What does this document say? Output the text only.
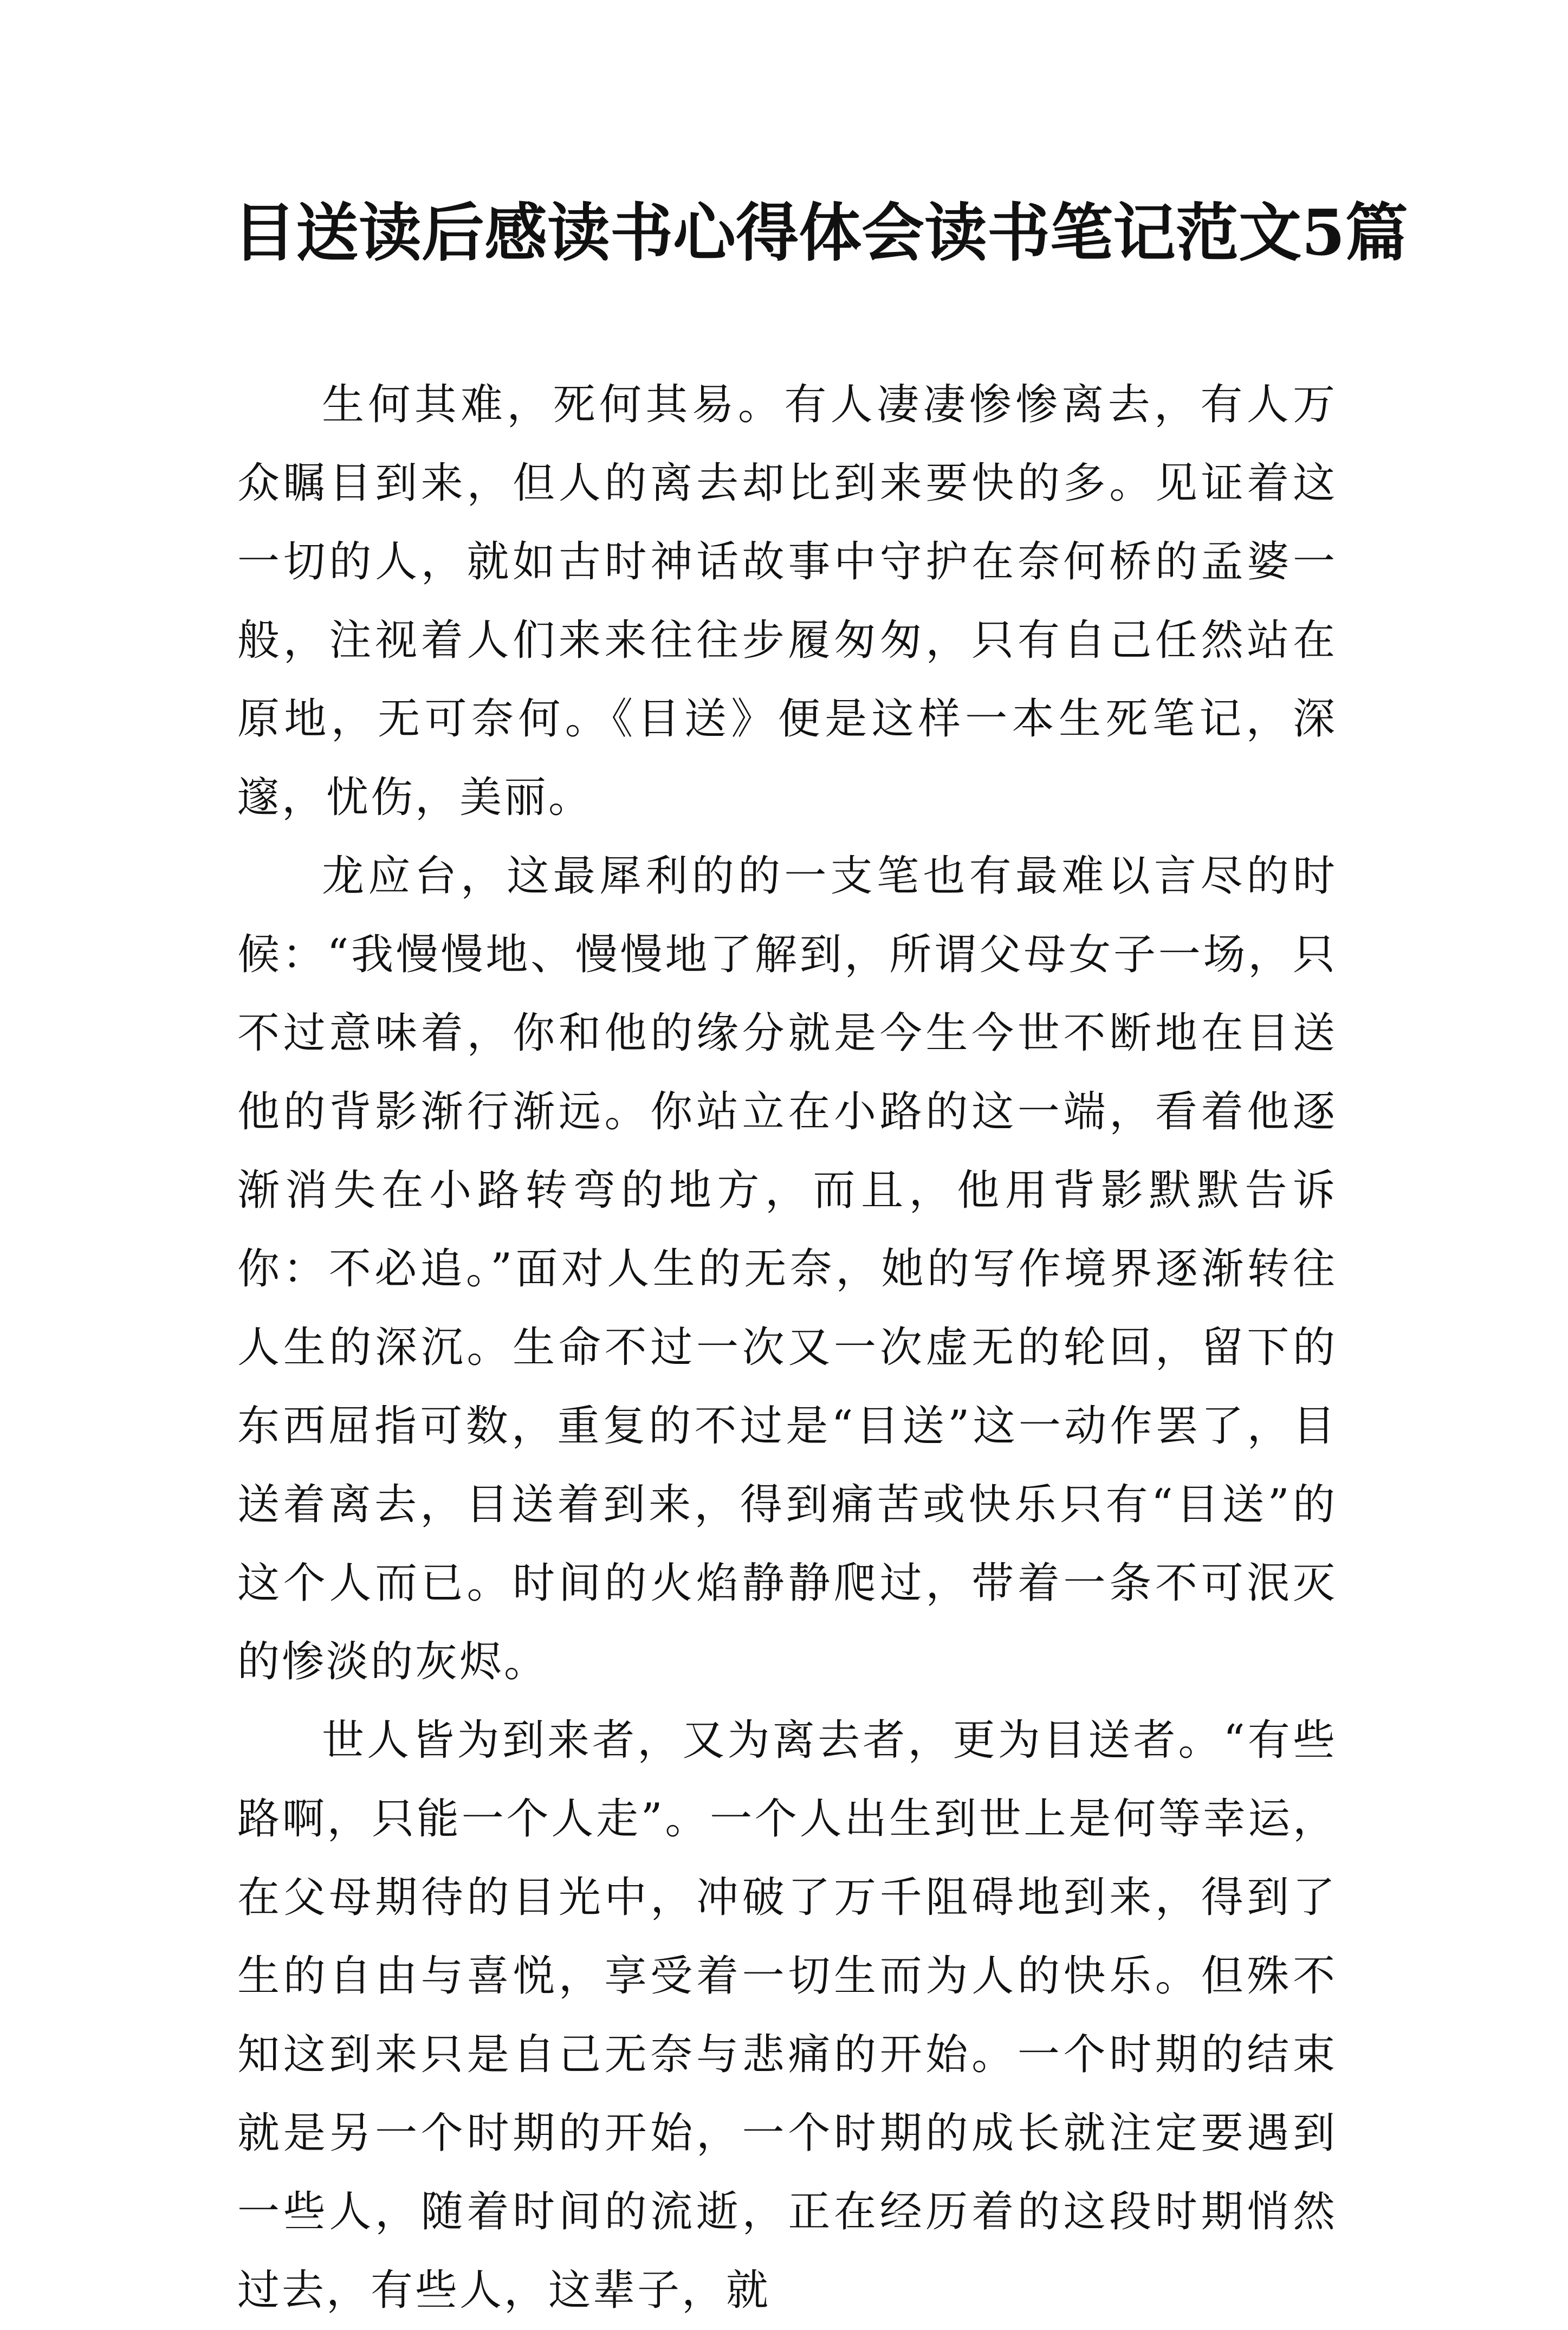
目送读后感读书心得体会读书笔记范文5篇

生何其难，死何其易。有人凄凄惨惨离去，有人万众瞩目到来，但人的离去却比到来要快的多。见证着这一切的人，就如古时神话故事中守护在奈何桥的孟婆一般，注视着人们来来往往步履匆匆，只有自己任然站在原地，无可奈何。《目送》便是这样一本生死笔记，深邃，忧伤，美丽。

龙应台，这最犀利的的一支笔也有最难以言尽的时候：“我慢慢地、慢慢地了解到，所谓父母女子一场，只不过意味着，你和他的缘分就是今生今世不断地在目送他的背影渐行渐远。你站立在小路的这一端，看着他逐渐消失在小路转弯的地方，而且，他用背影默默告诉你：不必追。”面对人生的无奈，她的写作境界逐渐转往人生的深沉。生命不过一次又一次虚无的轮回，留下的东西屈指可数，重复的不过是“目送”这一动作罢了，目送着离去，目送着到来，得到痛苦或快乐只有“目送”的这个人而已。时间的火焰静静爬过，带着一条不可泯灭的惨淡的灰烬。

世人皆为到来者，又为离去者，更为目送者。“有些路啊，只能一个人走”。一个人出生到世上是何等幸运，在父母期待的目光中，冲破了万千阻碍地到来，得到了生的自由与喜悦，享受着一切生而为人的快乐。但殊不知这到来只是自己无奈与悲痛的开始。一个时期的结束就是另一个时期的开始，一个时期的成长就注定要遇到一些人，随着时间的流逝，正在经历着的这段时期悄然过去，有些人，这辈子，就
